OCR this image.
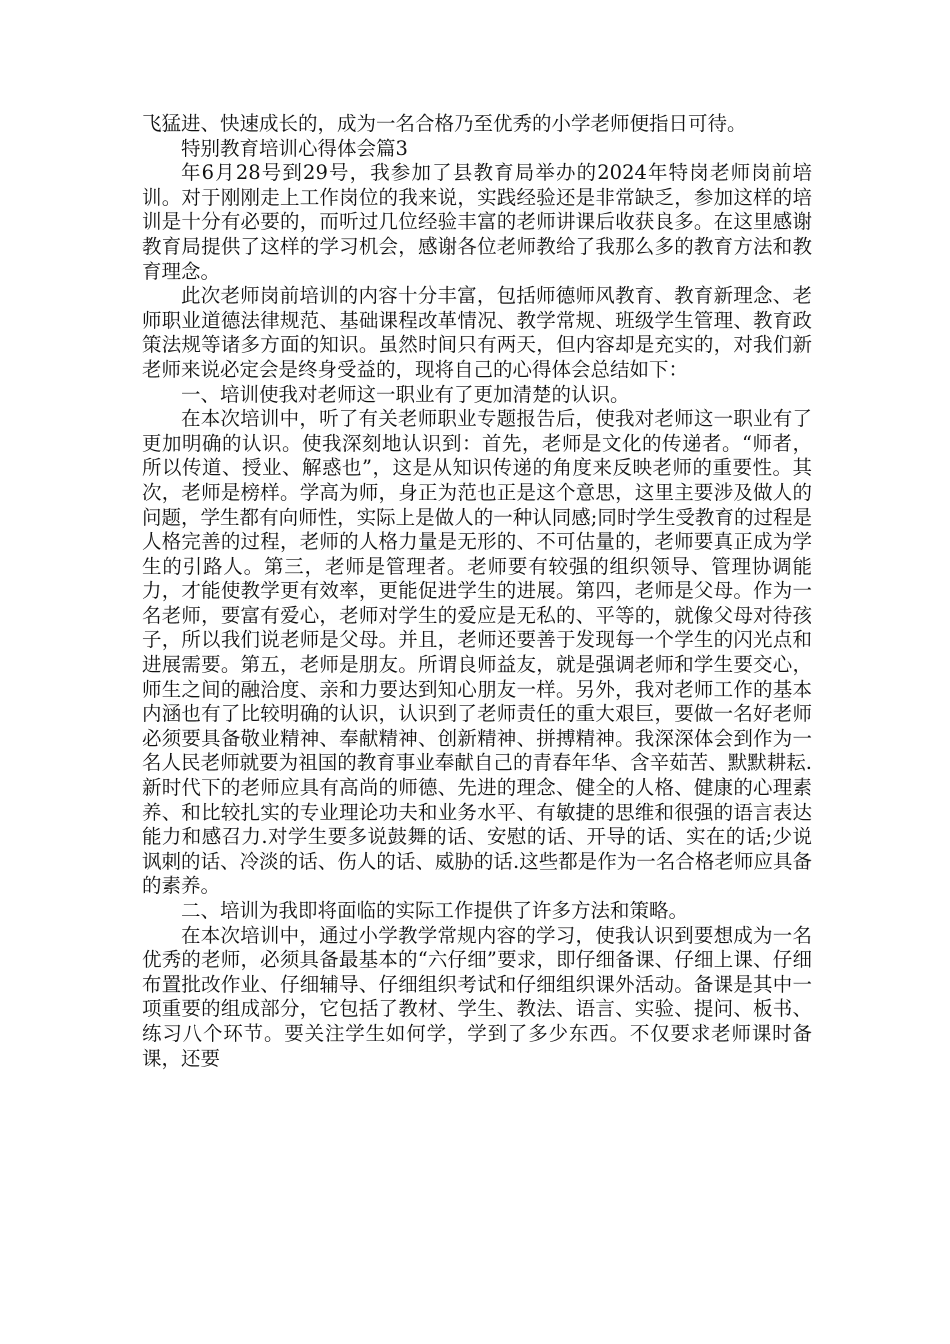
飞猛进、快速成长的，成为一名合格乃至优秀的小学老师便指日可待。

特别教育培训心得体会篇3

年6月28号到29号，我参加了县教育局举办的2024年特岗老师岗前培训。对于刚刚走上工作岗位的我来说，实践经验还是非常缺乏，参加这样的培训是十分有必要的，而听过几位经验丰富的老师讲课后收获良多。在这里感谢教育局提供了这样的学习机会，感谢各位老师教给了我那么多的教育方法和教育理念。

此次老师岗前培训的内容十分丰富，包括师德师风教育、教育新理念、老师职业道德法律规范、基础课程改革情况、教学常规、班级学生管理、教育政策法规等诸多方面的知识。虽然时间只有两天，但内容却是充实的，对我们新老师来说必定会是终身受益的，现将自己的心得体会总结如下：

一、培训使我对老师这一职业有了更加清楚的认识。

在本次培训中，听了有关老师职业专题报告后，使我对老师这一职业有了更加明确的认识。使我深刻地认识到：首先，老师是文化的传递者。“师者，所以传道、授业、解惑也”，这是从知识传递的角度来反映老师的重要性。其次，老师是榜样。学高为师，身正为范也正是这个意思，这里主要涉及做人的问题，学生都有向师性，实际上是做人的一种认同感;同时学生受教育的过程是人格完善的过程，老师的人格力量是无形的、不可估量的，老师要真正成为学生的引路人。第三，老师是管理者。老师要有较强的组织领导、管理协调能力，才能使教学更有效率，更能促进学生的进展。第四，老师是父母。作为一名老师，要富有爱心，老师对学生的爱应是无私的、平等的，就像父母对待孩子，所以我们说老师是父母。并且，老师还要善于发现每一个学生的闪光点和进展需要。第五，老师是朋友。所谓良师益友，就是强调老师和学生要交心，师生之间的融洽度、亲和力要达到知心朋友一样。另外，我对老师工作的基本内涵也有了比较明确的认识，认识到了老师责任的重大艰巨，要做一名好老师必须要具备敬业精神、奉献精神、创新精神、拼搏精神。我深深体会到作为一名人民老师就要为祖国的教育事业奉献自己的青春年华、含辛茹苦、默默耕耘.新时代下的老师应具有高尚的师德、先进的理念、健全的人格、健康的心理素养、和比较扎实的专业理论功夫和业务水平、有敏捷的思维和很强的语言表达能力和感召力.对学生要多说鼓舞的话、安慰的话、开导的话、实在的话;少说讽刺的话、冷淡的话、伤人的话、威胁的话.这些都是作为一名合格老师应具备的素养。

二、培训为我即将面临的实际工作提供了许多方法和策略。

在本次培训中，通过小学教学常规内容的学习，使我认识到要想成为一名优秀的老师，必须具备最基本的“六仔细”要求，即仔细备课、仔细上课、仔细布置批改作业、仔细辅导、仔细组织考试和仔细组织课外活动。备课是其中一项重要的组成部分，它包括了教材、学生、教法、语言、实验、提问、板书、练习八个环节。要关注学生如何学，学到了多少东西。不仅要求老师课时备课，还要
